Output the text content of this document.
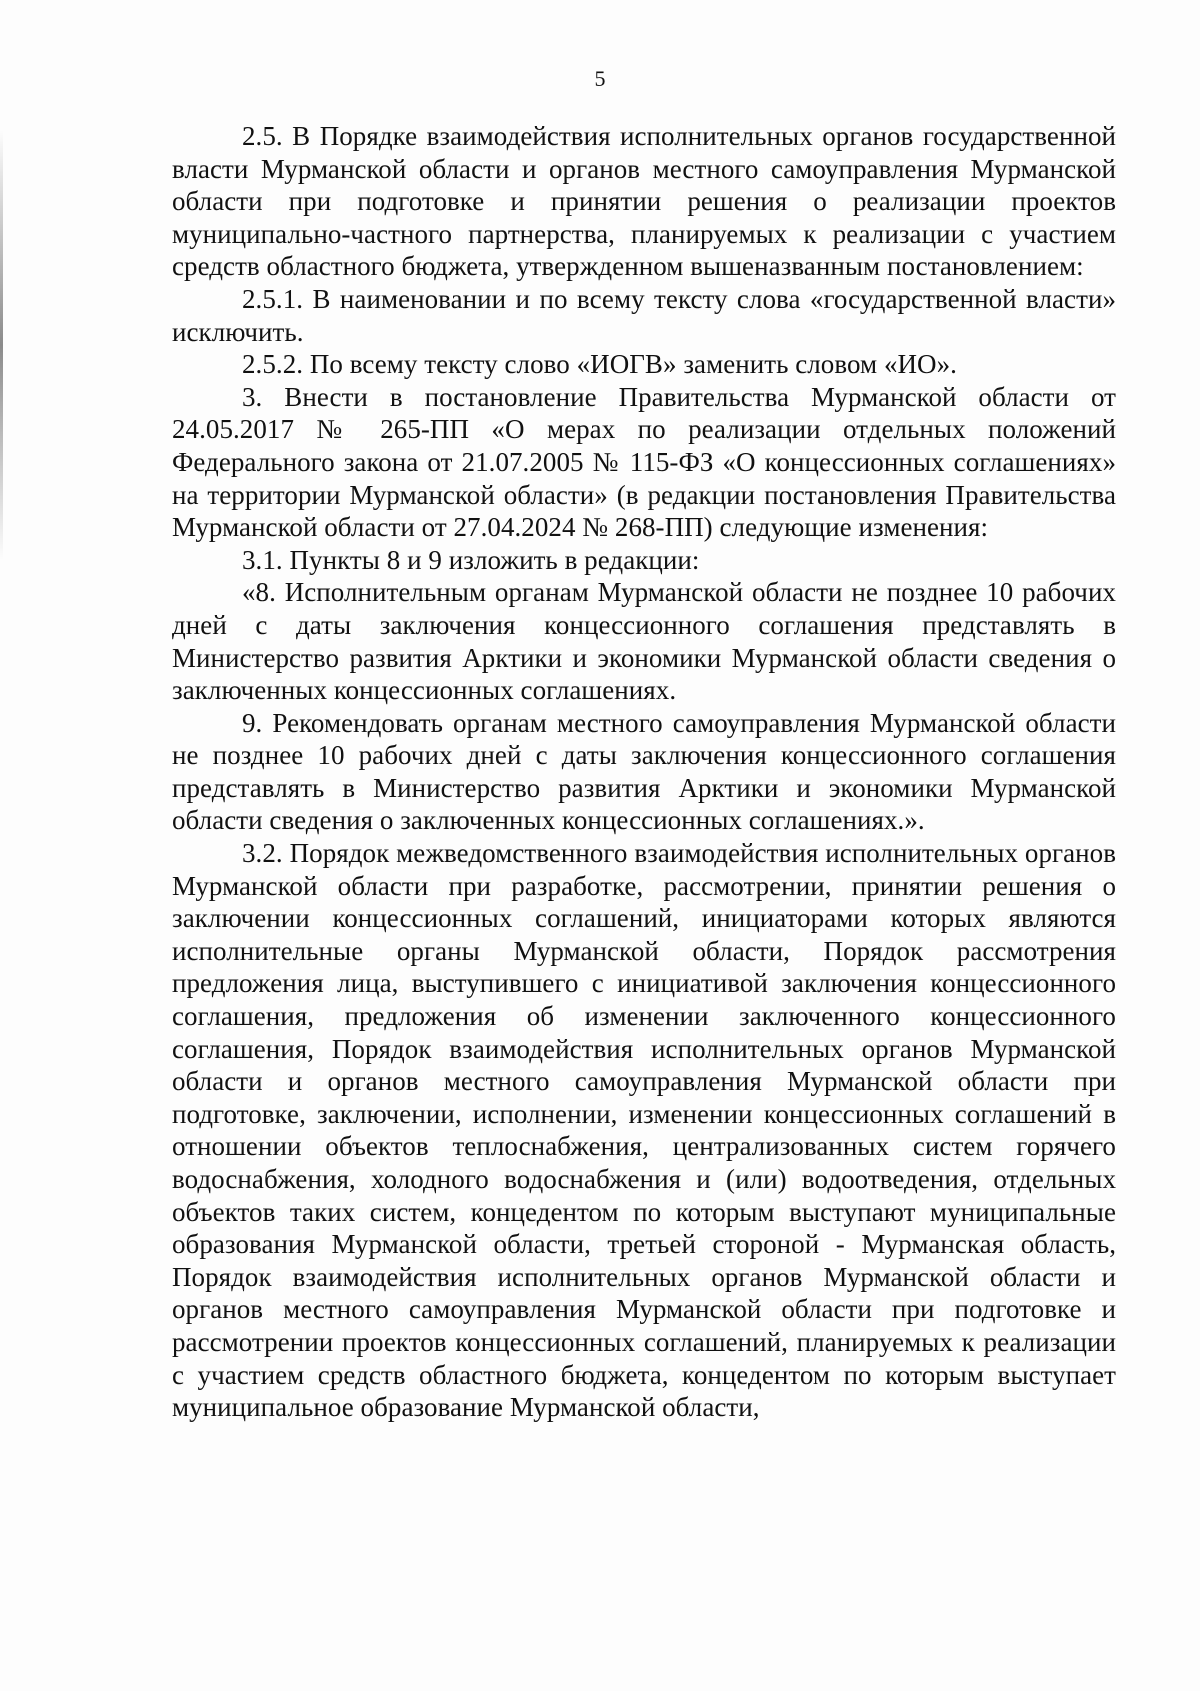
5

2.5. В Порядке взаимодействия исполнительных органов государственной власти Мурманской области и органов местного самоуправления Мурманской области при подготовке и принятии решения о реализации проектов муниципально-частного партнерства, планируемых к реализации с участием средств областного бюджета, утвержденном вышеназванным постановлением:

2.5.1. В наименовании и по всему тексту слова «государственной власти» исключить.

2.5.2. По всему тексту слово «ИОГВ» заменить словом «ИО».

3. Внести в постановление Правительства Мурманской области от 24.05.2017 № 265-ПП «О мерах по реализации отдельных положений Федерального закона от 21.07.2005 № 115-ФЗ «О концессионных соглашениях» на территории Мурманской области» (в редакции постановления Правительства Мурманской области от 27.04.2024 № 268-ПП) следующие изменения:

3.1. Пункты 8 и 9 изложить в редакции:

«8. Исполнительным органам Мурманской области не позднее 10 рабочих дней с даты заключения концессионного соглашения представлять в Министерство развития Арктики и экономики Мурманской области сведения о заключенных концессионных соглашениях.

9. Рекомендовать органам местного самоуправления Мурманской области не позднее 10 рабочих дней с даты заключения концессионного соглашения представлять в Министерство развития Арктики и экономики Мурманской области сведения о заключенных концессионных соглашениях.».

3.2. Порядок межведомственного взаимодействия исполнительных органов Мурманской области при разработке, рассмотрении, принятии решения о заключении концессионных соглашений, инициаторами которых являются исполнительные органы Мурманской области, Порядок рассмотрения предложения лица, выступившего с инициативой заключения концессионного соглашения, предложения об изменении заключенного концессионного соглашения, Порядок взаимодействия исполнительных органов Мурманской области и органов местного самоуправления Мурманской области при подготовке, заключении, исполнении, изменении концессионных соглашений в отношении объектов теплоснабжения, централизованных систем горячего водоснабжения, холодного водоснабжения и (или) водоотведения, отдельных объектов таких систем, концедентом по которым выступают муниципальные образования Мурманской области, третьей стороной - Мурманская область, Порядок взаимодействия исполнительных органов Мурманской области и органов местного самоуправления Мурманской области при подготовке и рассмотрении проектов концессионных соглашений, планируемых к реализации с участием средств областного бюджета, концедентом по которым выступает муниципальное образование Мурманской области,
